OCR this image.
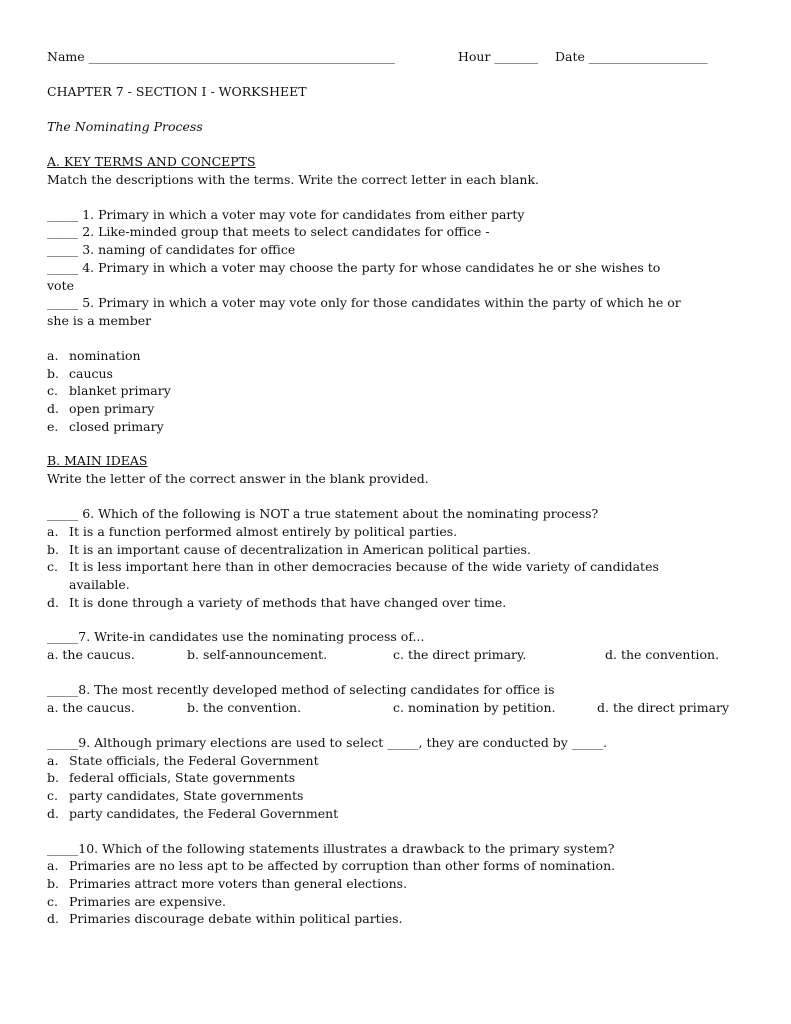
Name _________________________________________________	Hour _______ Date ___________________
CHAPTER 7 - SECTION I - WORKSHEET
The Nominating Process
A. KEY TERMS AND CONCEPTS
Match the descriptions with the terms. Write the correct letter in each blank.
_____ 1. Primary in which a voter may vote for candidates from either party
_____ 2. Like-minded group that meets to select candidates for office -
_____ 3. naming of candidates for office
_____ 4. Primary in which a voter may choose the party for whose candidates he or she wishes to
vote
_____ 5. Primary in which a voter may vote only for those candidates within the party of which he or
she is a member
a. nomination
b. caucus
c. blanket primary
d. open primary
e. closed primary
B. MAIN IDEAS
Write the letter of the correct answer in the blank provided.
_____ 6. Which of the following is NOT a true statement about the nominating process?
a. It is a function performed almost entirely by political parties.
b. It is an important cause of decentralization in American political parties.
c. It is less important here than in other democracies because of the wide variety of candidates
available.
d. It is done through a variety of methods that have changed over time.
_____7. Write-in candidates use the nominating process of...
a. the caucus.	b. self-announcement.	c. the direct primary.	d. the convention.
_____8. The most recently developed method of selecting candidates for office is
a. the caucus.	b. the convention.	c. nomination by petition.	d. the direct primary
_____9. Although primary elections are used to select _____, they are conducted by _____.
a. State officials, the Federal Government
b. federal officials, State governments
c. party candidates, State governments
d. party candidates, the Federal Government
_____10. Which of the following statements illustrates a drawback to the primary system?
a. Primaries are no less apt to be affected by corruption than other forms of nomination.
b. Primaries attract more voters than general elections.
c. Primaries are expensive.
d. Primaries discourage debate within political parties.
